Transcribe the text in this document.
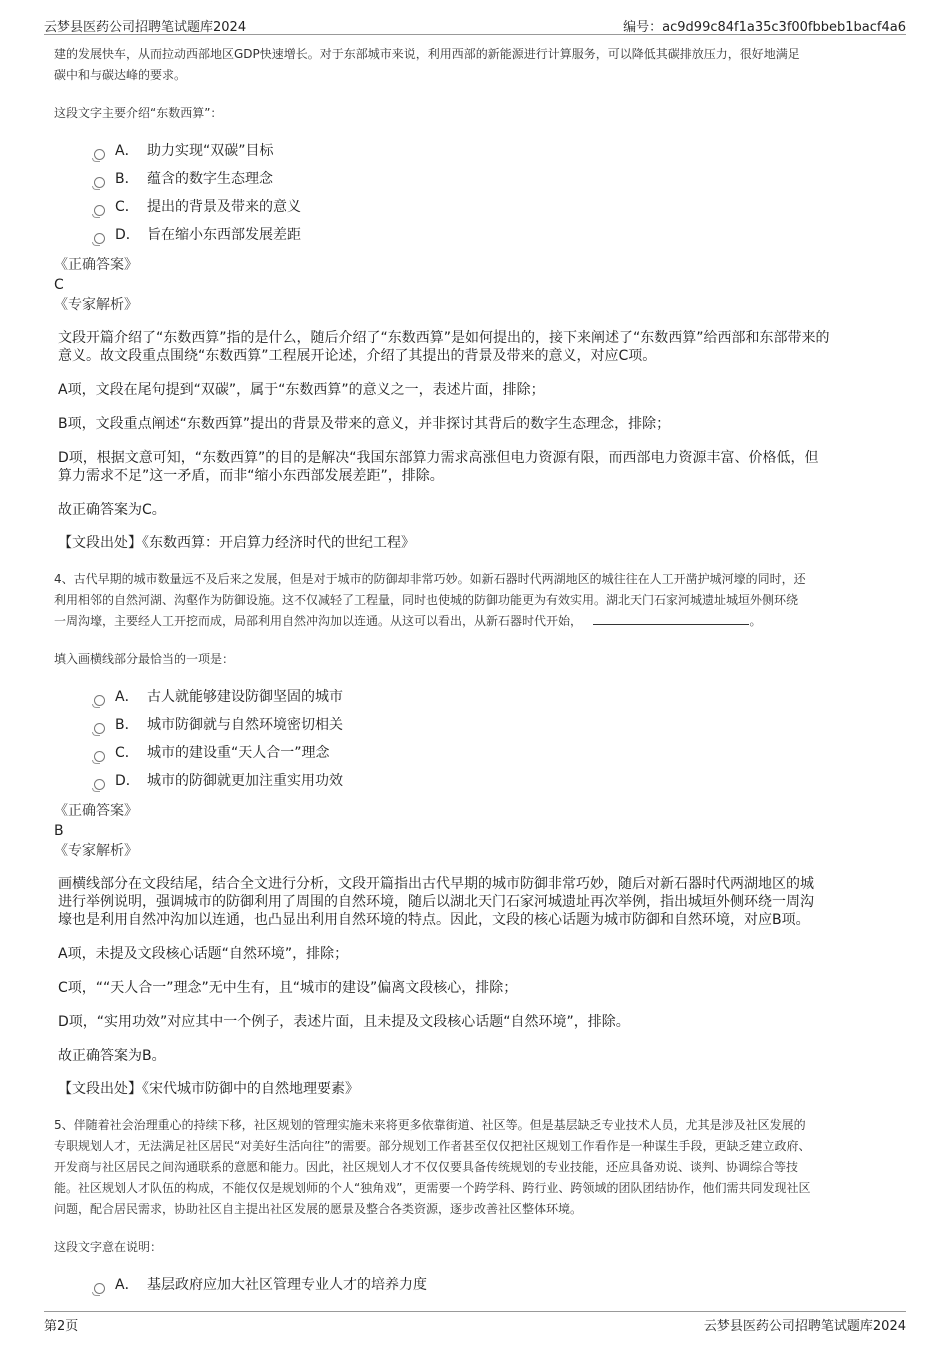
云梦县医药公司招聘笔试题库2024	编号：ac9d99c84f1a35c3f00fbbeb1bacf4a6

建的发展快车，从而拉动西部地区GDP快速增长。对于东部城市来说，利用西部的新能源进行计算服务，可以降低其碳排放压力，很好地满足

碳中和与碳达峰的要求。

这段文字主要介绍“东数西算”：
A． 助力实现“双碳”目标
B． 蕴含的数字生态理念
C． 提出的背景及带来的意义
D． 旨在缩小东西部发展差距
《正确答案》
C
《专家解析》

文段开篇介绍了“东数西算”指的是什么，随后介绍了“东数西算”是如何提出的，接下来阐述了“东数西算”给西部和东部带来的

意义。故文段重点围绕“东数西算”工程展开论述，介绍了其提出的背景及带来的意义，对应C项。

A项，文段在尾句提到“双碳”，属于“东数西算”的意义之一，表述片面，排除；

B项，文段重点阐述“东数西算”提出的背景及带来的意义，并非探讨其背后的数字生态理念，排除；

D项，根据文意可知，“东数西算”的目的是解决“我国东部算力需求高涨但电力资源有限，而西部电力资源丰富、价格低，但

算力需求不足”这一矛盾，而非“缩小东西部发展差距”，排除。

故正确答案为C。

【文段出处】《东数西算：开启算力经济时代的世纪工程》

4、古代早期的城市数量远不及后来之发展，但是对于城市的防御却非常巧妙。如新石器时代两湖地区的城往往在人工开凿护城河壕的同时，还

利用相邻的自然河湖、沟壑作为防御设施。这不仅减轻了工程量，同时也使城的防御功能更为有效实用。湖北天门石家河城遗址城垣外侧环绕

一周沟壕，主要经人工开挖而成，局部利用自然冲沟加以连通。从这可以看出，从新石器时代开始，	。

填入画横线部分最恰当的一项是：
A． 古人就能够建设防御坚固的城市
B． 城市防御就与自然环境密切相关
C． 城市的建设重“天人合一”理念
D． 城市的防御就更加注重实用功效
《正确答案》
B
《专家解析》

画横线部分在文段结尾，结合全文进行分析，文段开篇指出古代早期的城市防御非常巧妙，随后对新石器时代两湖地区的城

进行举例说明，强调城市的防御利用了周围的自然环境，随后以湖北天门石家河城遗址再次举例，指出城垣外侧环绕一周沟

壕也是利用自然冲沟加以连通，也凸显出利用自然环境的特点。因此，文段的核心话题为城市防御和自然环境，对应B项。

A项，未提及文段核心话题“自然环境”，排除；

C项，““天人合一”理念”无中生有，且“城市的建设”偏离文段核心，排除；

D项，“实用功效”对应其中一个例子，表述片面，且未提及文段核心话题“自然环境”，排除。

故正确答案为B。

【文段出处】《宋代城市防御中的自然地理要素》

5、伴随着社会治理重心的持续下移，社区规划的管理实施未来将更多依靠街道、社区等。但是基层缺乏专业技术人员，尤其是涉及社区发展的

专职规划人才，无法满足社区居民“对美好生活向往”的需要。部分规划工作者甚至仅仅把社区规划工作看作是一种谋生手段，更缺乏建立政府、

开发商与社区居民之间沟通联系的意愿和能力。因此，社区规划人才不仅仅要具备传统规划的专业技能，还应具备劝说、谈判、协调综合等技

能。社区规划人才队伍的构成，不能仅仅是规划师的个人“独角戏”，更需要一个跨学科、跨行业、跨领域的团队团结协作，他们需共同发现社区

问题，配合居民需求，协助社区自主提出社区发展的愿景及整合各类资源，逐步改善社区整体环境。

这段文字意在说明：
A． 基层政府应加大社区管理专业人才的培养力度
第2页	云梦县医药公司招聘笔试题库2024
